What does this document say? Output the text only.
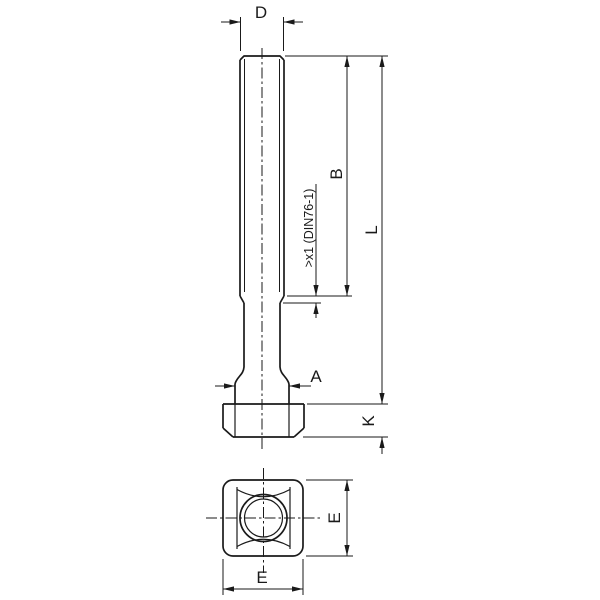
D
B
L
>x1 (DIN76-1)
A
K
E
E
